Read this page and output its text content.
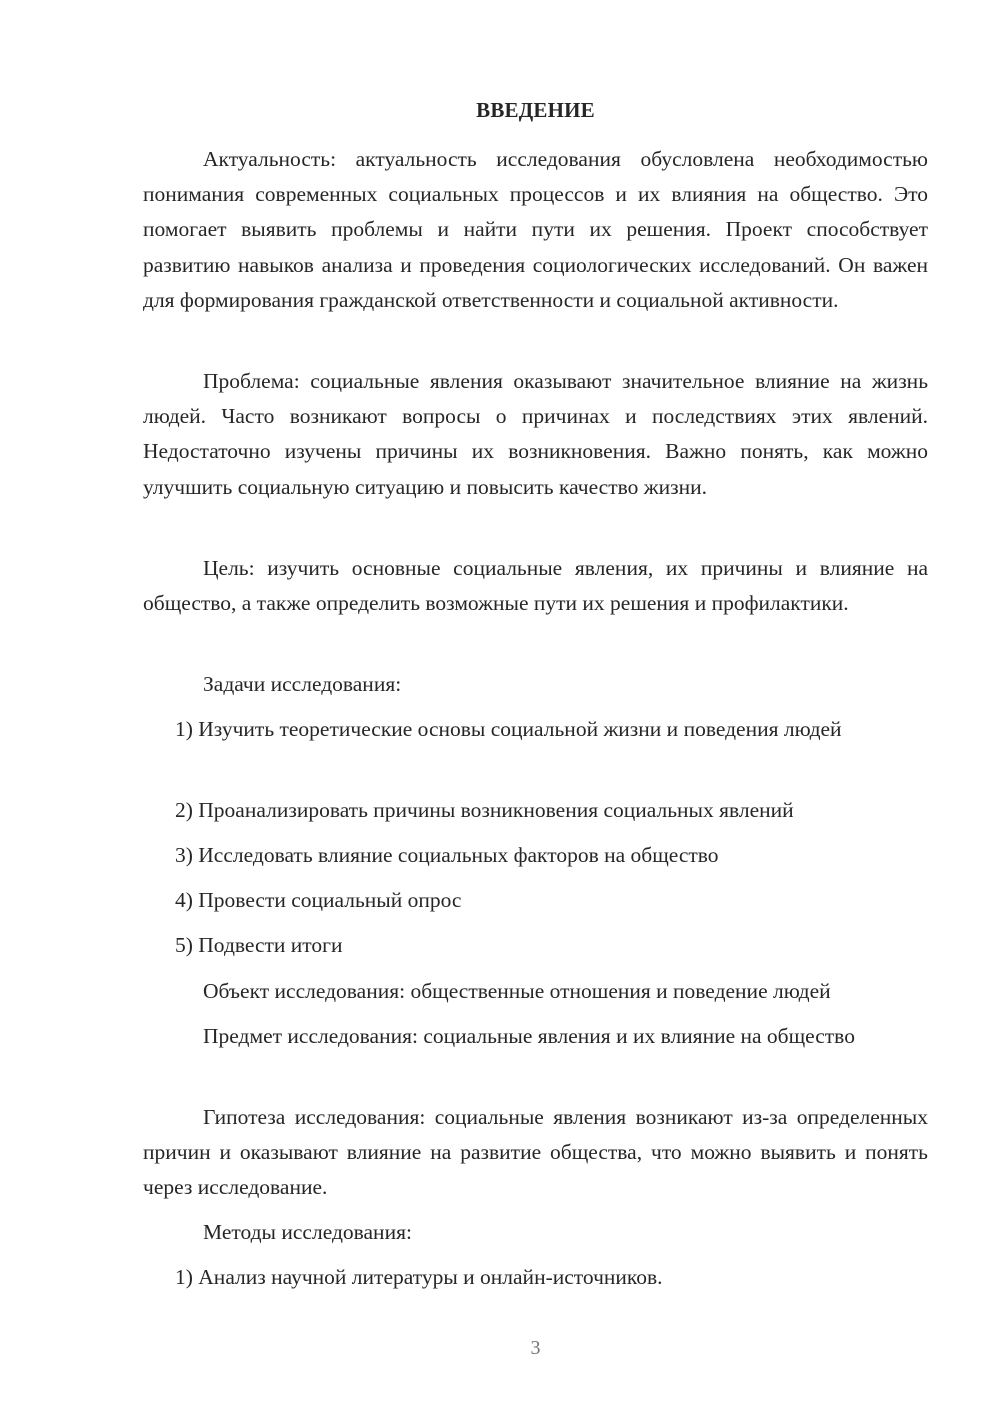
ВВЕДЕНИЕ

Актуальность: актуальность исследования обусловлена необходимостью понимания современных социальных процессов и их влияния на общество. Это помогает выявить проблемы и найти пути их решения. Проект способствует развитию навыков анализа и проведения социологических исследований. Он важен для формирования гражданской ответственности и социальной активности.

Проблема: социальные явления оказывают значительное влияние на жизнь людей. Часто возникают вопросы о причинах и последствиях этих явлений. Недостаточно изучены причины их возникновения. Важно понять, как можно улучшить социальную ситуацию и повысить качество жизни.

Цель: изучить основные социальные явления, их причины и влияние на общество, а также определить возможные пути их решения и профилактики.

Задачи исследования:

1) Изучить теоретические основы социальной жизни и поведения людей

2) Проанализировать причины возникновения социальных явлений

3) Исследовать влияние социальных факторов на общество

4) Провести социальный опрос

5) Подвести итоги

Объект исследования: общественные отношения и поведение людей

Предмет исследования: социальные явления и их влияние на общество

Гипотеза исследования: социальные явления возникают из-за определенных причин и оказывают влияние на развитие общества, что можно выявить и понять через исследование.

Методы исследования:

1) Анализ научной литературы и онлайн-источников.

3
